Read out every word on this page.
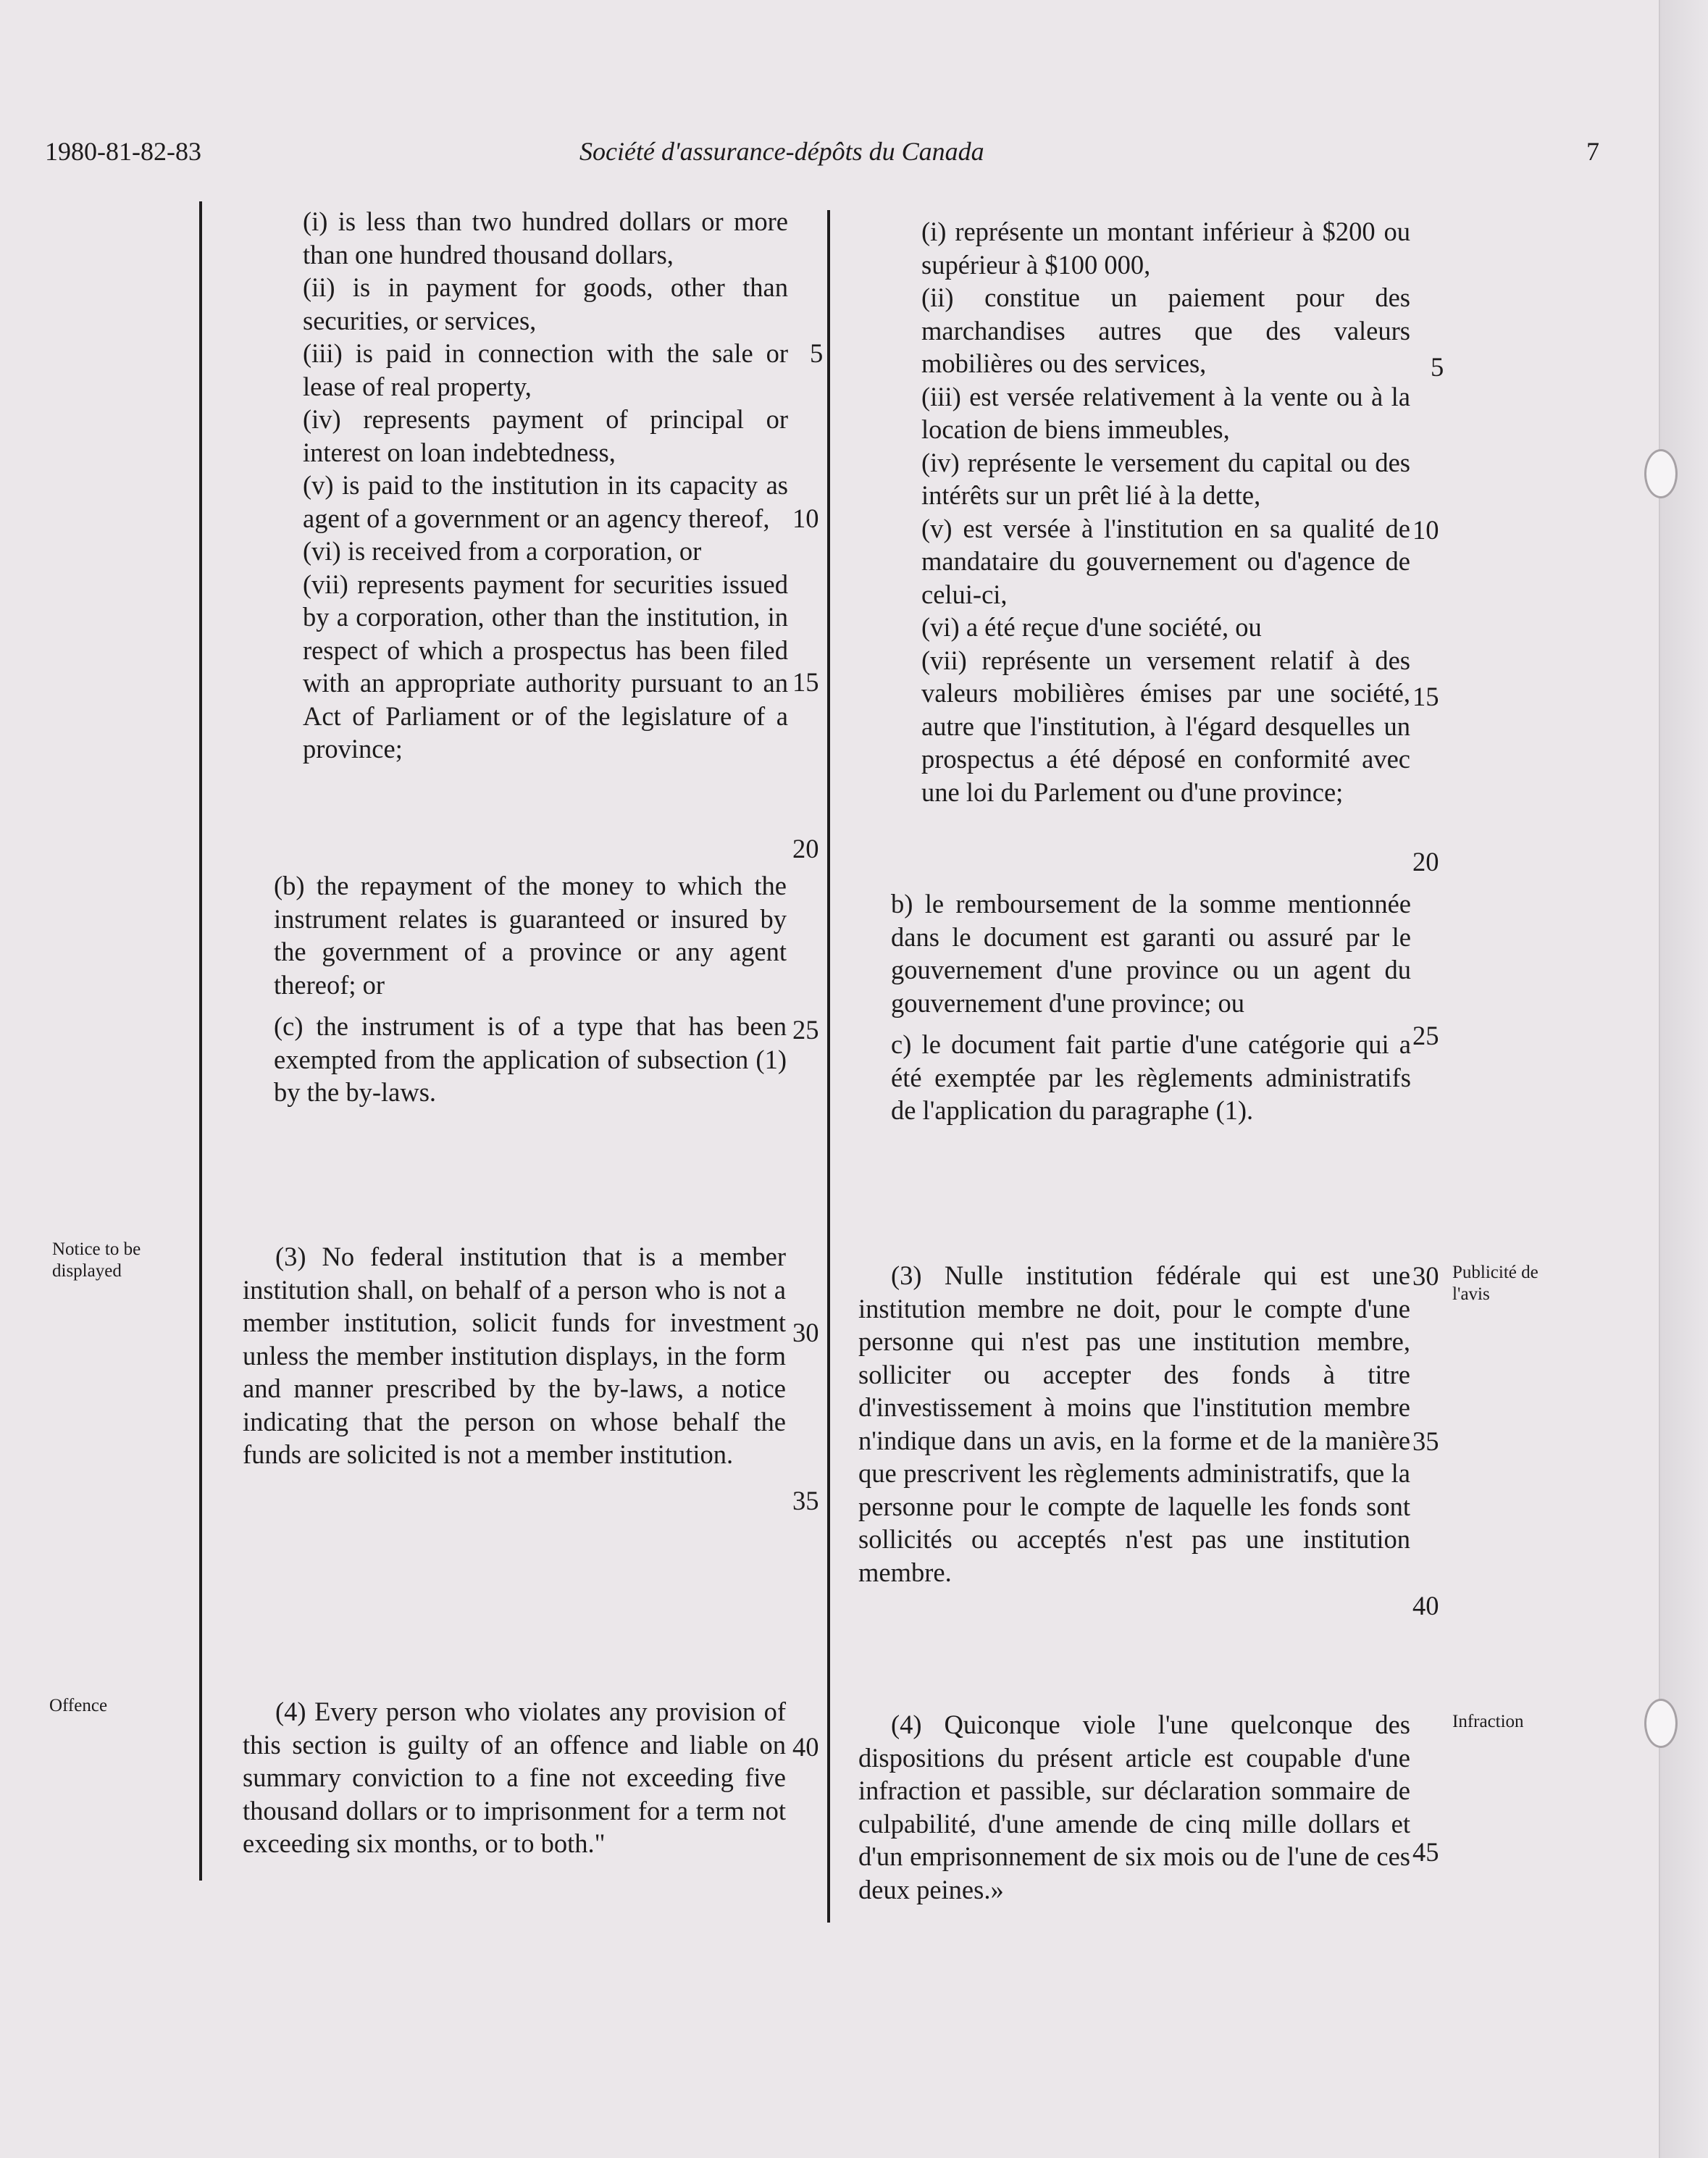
1980-81-82-83	Société d'assurance-dépôts du Canada	7

(i) is less than two hundred dollars or more than one hundred thousand dollars,

(ii) is in payment for goods, other than securities, or services,

(iii) is paid in connection with the sale or lease of real property,

(iv) represents payment of principal or interest on loan indebtedness,

(v) is paid to the institution in its capacity as agent of a government or an agency thereof,

(vi) is received from a corporation, or

(vii) represents payment for securities issued by a corporation, other than the institution, in respect of which a prospectus has been filed with an appropriate authority pursuant to an Act of Parliament or of the legislature of a province;

(b) the repayment of the money to which the instrument relates is guaranteed or insured by the government of a province or any agent thereof; or

(c) the instrument is of a type that has been exempted from the application of subsection (1) by the by-laws.

(3) No federal institution that is a member institution shall, on behalf of a person who is not a member institution, solicit funds for investment unless the member institution displays, in the form and manner prescribed by the by-laws, a notice indicating that the person on whose behalf the funds are solicited is not a member institution.

(4) Every person who violates any provision of this section is guilty of an offence and liable on summary conviction to a fine not exceeding five thousand dollars or to imprisonment for a term not exceeding six months, or to both."

5
10
15
20
25
30
35
40
Notice to be displayed
Offence

(i) représente un montant inférieur à $200 ou supérieur à $100 000,

(ii) constitue un paiement pour des marchandises autres que des valeurs mobilières ou des services,

(iii) est versée relativement à la vente ou à la location de biens immeubles,

(iv) représente le versement du capital ou des intérêts sur un prêt lié à la dette,

(v) est versée à l'institution en sa qualité de mandataire du gouvernement ou d'agence de celui-ci,

(vi) a été reçue d'une société, ou

(vii) représente un versement relatif à des valeurs mobilières émises par une société, autre que l'institution, à l'égard desquelles un prospectus a été déposé en conformité avec une loi du Parlement ou d'une province;

b) le remboursement de la somme mentionnée dans le document est garanti ou assuré par le gouvernement d'une province ou un agent du gouvernement d'une province; ou

c) le document fait partie d'une catégorie qui a été exemptée par les règlements administratifs de l'application du paragraphe (1).

(3) Nulle institution fédérale qui est une institution membre ne doit, pour le compte d'une personne qui n'est pas une institution membre, solliciter ou accepter des fonds à titre d'investissement à moins que l'institution membre n'indique dans un avis, en la forme et de la manière que prescrivent les règlements administratifs, que la personne pour le compte de laquelle les fonds sont sollicités ou acceptés n'est pas une institution membre.

(4) Quiconque viole l'une quelconque des dispositions du présent article est coupable d'une infraction et passible, sur déclaration sommaire de culpabilité, d'une amende de cinq mille dollars et d'un emprisonnement de six mois ou de l'une de ces deux peines.»

5
10
15
20
25
30
35
40
45
Publicité de l'avis
Infraction
